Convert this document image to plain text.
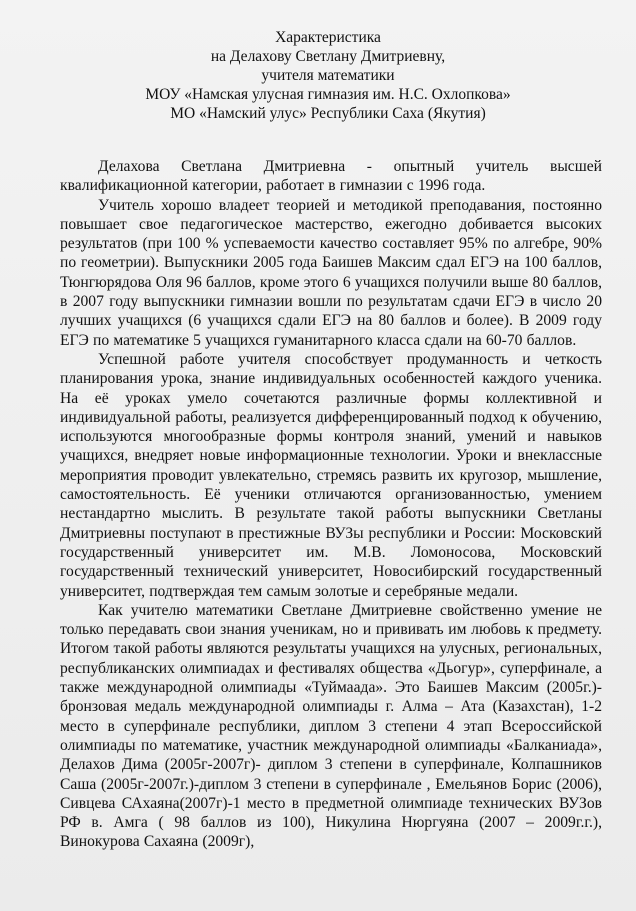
Характеристика
на Делахову Светлану Дмитриевну,
учителя математики
МОУ «Намская улусная гимназия им. Н.С. Охлопкова»
МО «Намский улус» Республики Саха (Якутия)

Делахова Светлана Дмитриевна - опытный учитель высшей квалификационной категории, работает в гимназии с 1996 года.

Учитель хорошо владеет теорией и методикой преподавания, постоянно повышает свое педагогическое мастерство, ежегодно добивается высоких результатов (при 100 % успеваемости качество составляет 95% по алгебре, 90% по геометрии). Выпускники 2005 года Баишев Максим сдал ЕГЭ на 100 баллов, Тюнгюрядова Оля 96 баллов, кроме этого 6 учащихся получили выше 80 баллов, в 2007 году выпускники гимназии вошли по результатам сдачи ЕГЭ в число 20 лучших учащихся (6 учащихся сдали ЕГЭ на 80 баллов и более). В 2009 году ЕГЭ по математике 5 учащихся гуманитарного класса сдали на 60-70 баллов.

Успешной работе учителя способствует продуманность и четкость планирования урока, знание индивидуальных особенностей каждого ученика. На её уроках умело сочетаются различные формы коллективной и индивидуальной работы, реализуется дифференцированный подход к обучению, используются многообразные формы контроля знаний, умений и навыков учащихся, внедряет новые информационные технологии. Уроки и внеклассные мероприятия проводит увлекательно, стремясь развить их кругозор, мышление, самостоятельность. Её ученики отличаются организованностью, умением нестандартно мыслить. В результате такой работы выпускники Светланы Дмитриевны поступают в престижные ВУЗы республики и России: Московский государственный университет им. М.В. Ломоносова, Московский государственный технический университет, Новосибирский государственный университет, подтверждая тем самым золотые и серебряные медали.

Как учителю математики Светлане Дмитриевне свойственно умение не только передавать свои знания ученикам, но и прививать им любовь к предмету. Итогом такой работы являются результаты учащихся на улусных, региональных, республиканских олимпиадах и фестивалях общества «Дьогур», суперфинале, а также международной олимпиады «Туймаада». Это Баишев Максим (2005г.)- бронзовая медаль международной олимпиады г. Алма – Ата (Казахстан), 1-2 место в суперфинале республики, диплом 3 степени 4 этап Всероссийской олимпиады по математике, участник международной олимпиады «Балканиада», Делахов Дима (2005г-2007г)- диплом 3 степени в суперфинале, Колпашников Саша (2005г-2007г.)-диплом 3 степени в суперфинале , Емельянов Борис (2006), Сивцева САхаяна(2007г)-1 место в предметной олимпиаде технических ВУЗов РФ в. Амга ( 98 баллов из 100), Никулина Нюргуяна (2007 – 2009г.г.), Винокурова Сахаяна (2009г),
